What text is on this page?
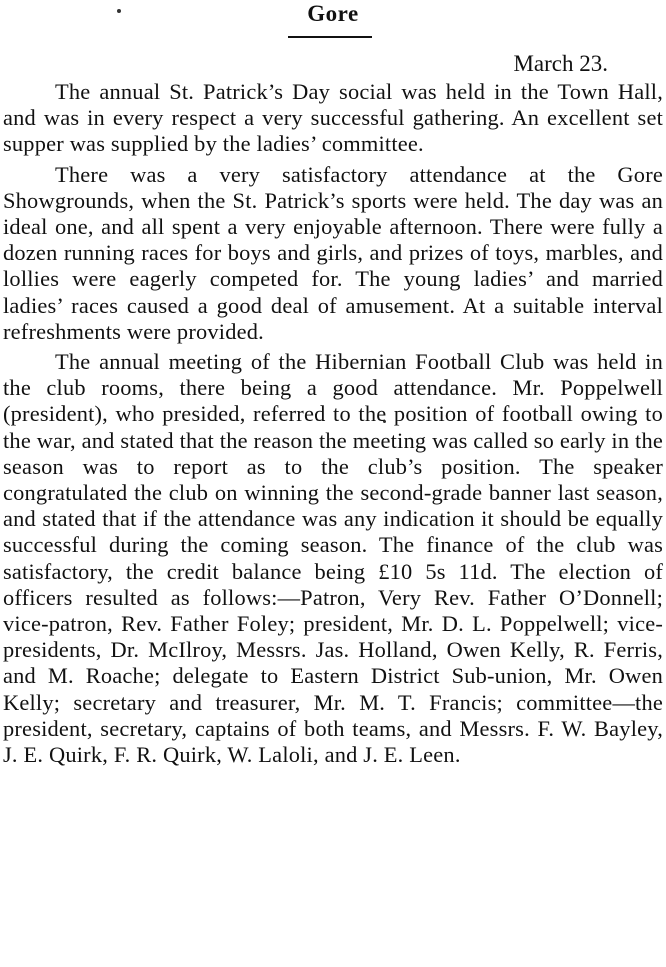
Gore
March 23.

The annual St. Patrick’s Day social was held in the Town Hall, and was in every respect a very successful gathering. An excellent set supper was supplied by the ladies’ committee.

There was a very satisfactory attendance at the Gore Showgrounds, when the St. Patrick’s sports were held. The day was an ideal one, and all spent a very enjoyable afternoon. There were fully a dozen running races for boys and girls, and prizes of toys, marbles, and lollies were eagerly competed for. The young ladies’ and married ladies’ races caused a good deal of amusement. At a suitable interval refreshments were provided.

The annual meeting of the Hibernian Football Club was held in the club rooms, there being a good attendance. Mr. Poppelwell (president), who presided, referred to the position of football owing to the war, and stated that the reason the meeting was called so early in the season was to report as to the club’s position. The speaker congratulated the club on winning the second-grade banner last season, and stated that if the attendance was any indication it should be equally successful during the coming season. The finance of the club was satisfactory, the credit balance being £10 5s 11d. The election of officers resulted as follows:—Patron, Very Rev. Father O’Donnell; vice-patron, Rev. Father Foley; president, Mr. D. L. Poppelwell; vice-presidents, Dr. McIlroy, Messrs. Jas. Holland, Owen Kelly, R. Ferris, and M. Roache; delegate to Eastern District Sub-union, Mr. Owen Kelly; secretary and treasurer, Mr. M. T. Francis; committee—the president, secretary, captains of both teams, and Messrs. F. W. Bayley, J. E. Quirk, F. R. Quirk, W. Laloli, and J. E. Leen.
